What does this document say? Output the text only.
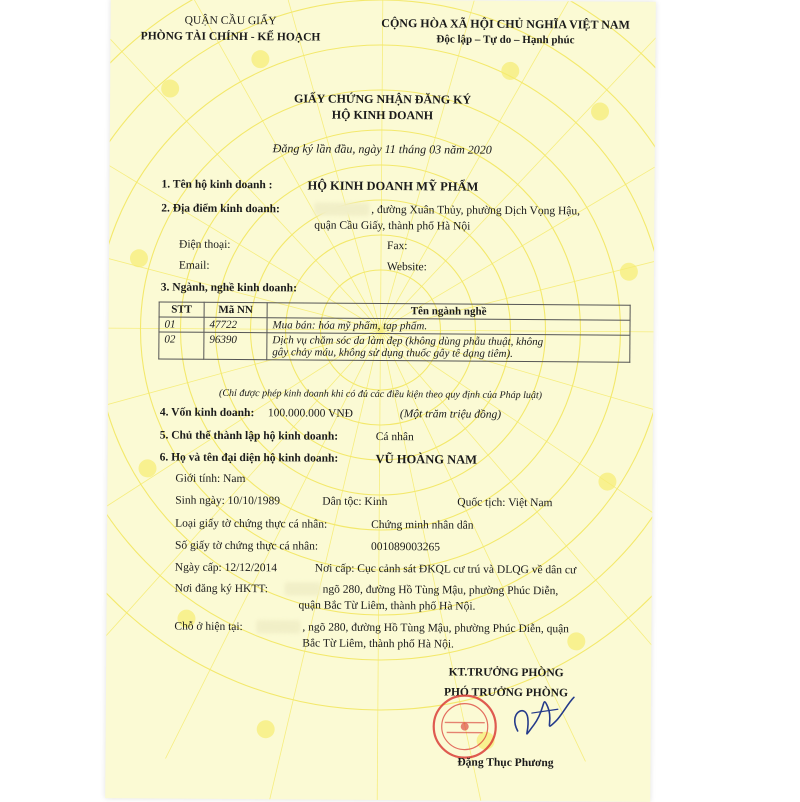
QUẬN CẦU GIẤY
PHÒNG TÀI CHÍNH - KẾ HOẠCH
CỘNG HÒA XÃ HỘI CHỦ NGHĨA VIỆT NAM
Độc lập – Tự do – Hạnh phúc
GIẤY CHỨNG NHẬN ĐĂNG KÝ
HỘ KINH DOANH
Đăng ký lần đầu, ngày 11 tháng 03 năm 2020
1. Tên hộ kinh doanh :	HỘ KINH DOANH MỸ PHẨM
2. Địa điểm kinh doanh:	, đường Xuân Thủy, phường Dịch Vọng Hậu,
quận Cầu Giấy, thành phố Hà Nội
Điện thoại:	Fax:
Email:	Website:
3. Ngành, nghề kinh doanh:
STT	Mã NN	Tên ngành nghề
01	47722	Mua bán: hóa mỹ phẩm, tạp phẩm.
02	96390	Dịch vụ chăm sóc da làm đẹp (không dùng phẫu thuật, không
gây chảy máu, không sử dụng thuốc gây tê dạng tiêm).
(Chỉ được phép kinh doanh khi có đủ các điều kiện theo quy định của Pháp luật)
4. Vốn kinh doanh: 100.000.000 VNĐ	(Một trăm triệu đồng)
5. Chủ thể thành lập hộ kinh doanh:	Cá nhân
6. Họ và tên đại diện hộ kinh doanh:	VŨ HOÀNG NAM
Giới tính: Nam
Sinh ngày: 10/10/1989	Dân tộc: Kinh	Quốc tịch: Việt Nam
Loại giấy tờ chứng thực cá nhân:	Chứng minh nhân dân
Số giấy tờ chứng thực cá nhân:	001089003265
Ngày cấp: 12/12/2014	Nơi cấp: Cục cảnh sát ĐKQL cư trú và DLQG về dân cư
Nơi đăng ký HKTT:	ngõ 280, đường Hồ Tùng Mậu, phường Phúc Diễn,
quận Bắc Từ Liêm, thành phố Hà Nội.
Chỗ ở hiện tại:	, ngõ 280, đường Hồ Tùng Mậu, phường Phúc Diễn, quận
Bắc Từ Liêm, thành phố Hà Nội.
KT.TRƯỞNG PHÒNG
PHÓ TRƯỞNG PHÒNG
Đặng Thục Phương
